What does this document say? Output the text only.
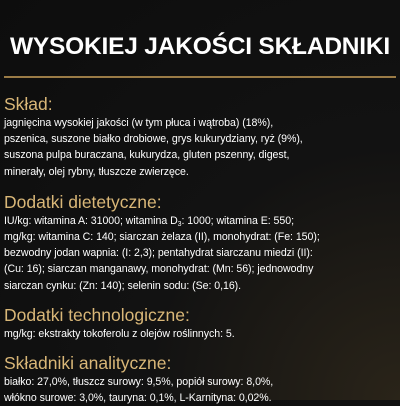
WYSOKIEJ JAKOŚCI SKŁADNIKI
Skład:

jagnięcina wysokiej jakości (w tym płuca i wątroba) (18%),
pszenica, suszone białko drobiowe, grys kukurydziany, ryż (9%),
suszona pulpa buraczana, kukurydza, gluten pszenny, digest,
minerały, olej rybny, tłuszcze zwierzęce.

Dodatki dietetyczne:

IU/kg: witamina A: 31000; witamina $D_3$: 1000; witamina E: 550;
mg/kg: witamina C: 140; siarczan żelaza (II), monohydrat: (Fe: 150);
bezwodny jodan wapnia: (I: 2,3); pentahydrat siarczanu miedzi (II):
(Cu: 16); siarczan manganawy, monohydrat: (Mn: 56); jednowodny
siarczan cynku: (Zn: 140); selenin sodu: (Se: 0,16).

Dodatki technologiczne:

mg/kg: ekstrakty tokoferolu z olejów roślinnych: 5.

Składniki analityczne:

białko: 27,0%, tłuszcz surowy: 9,5%, popiół surowy: 8,0%,
włókno surowe: 3,0%, tauryna: 0,1%, L-Karnityna: 0,02%.
